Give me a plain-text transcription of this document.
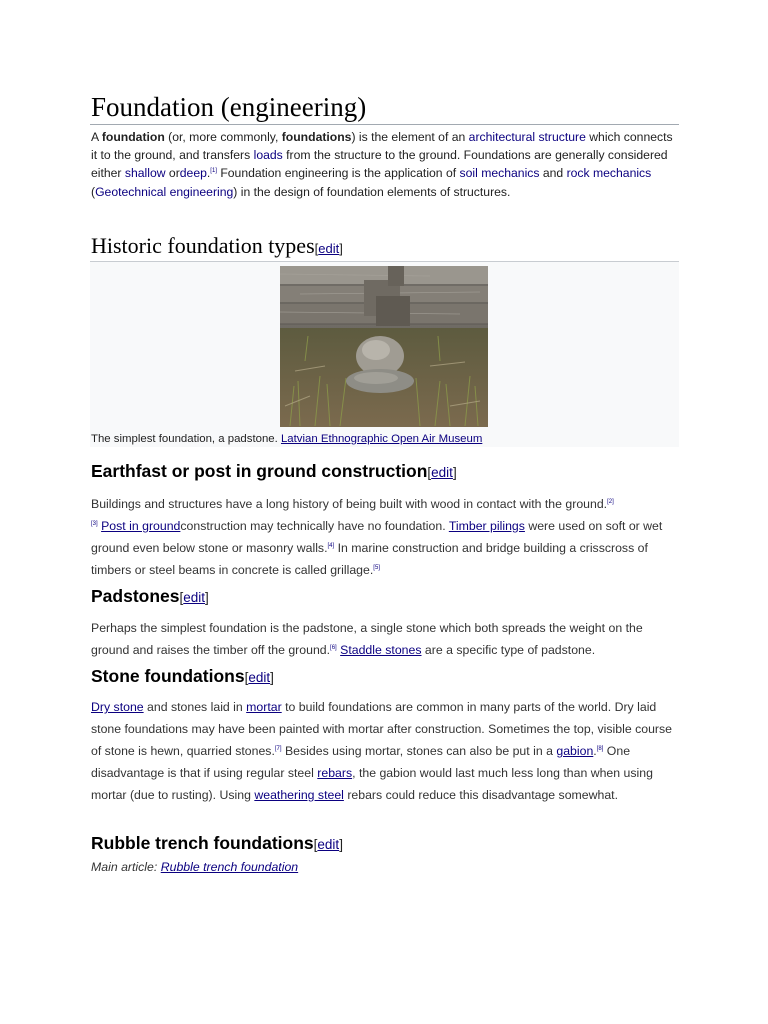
Foundation (engineering)

A foundation (or, more commonly, foundations) is the element of an architectural structure which connects it to the ground, and transfers loads from the structure to the ground. Foundations are generally considered either shallow ordeep.[1] Foundation engineering is the application of soil mechanics and rock mechanics (Geotechnical engineering) in the design of foundation elements of structures.

Historic foundation types[edit]

The simplest foundation, a padstone. Latvian Ethnographic Open Air Museum

Earthfast or post in ground construction[edit]

Buildings and structures have a long history of being built with wood in contact with the ground.[2]
[3] Post in groundconstruction may technically have no foundation. Timber pilings were used on soft or wet ground even below stone or masonry walls.[4] In marine construction and bridge building a crisscross of timbers or steel beams in concrete is called grillage.[5]

Padstones[edit]

Perhaps the simplest foundation is the padstone, a single stone which both spreads the weight on the ground and raises the timber off the ground.[6] Staddle stones are a specific type of padstone.

Stone foundations[edit]

Dry stone and stones laid in mortar to build foundations are common in many parts of the world. Dry laid stone foundations may have been painted with mortar after construction. Sometimes the top, visible course of stone is hewn, quarried stones.[7] Besides using mortar, stones can also be put in a gabion.[8] One disadvantage is that if using regular steel rebars, the gabion would last much less long than when using mortar (due to rusting). Using weathering steel rebars could reduce this disadvantage somewhat.

Rubble trench foundations[edit]

Main article: Rubble trench foundation
